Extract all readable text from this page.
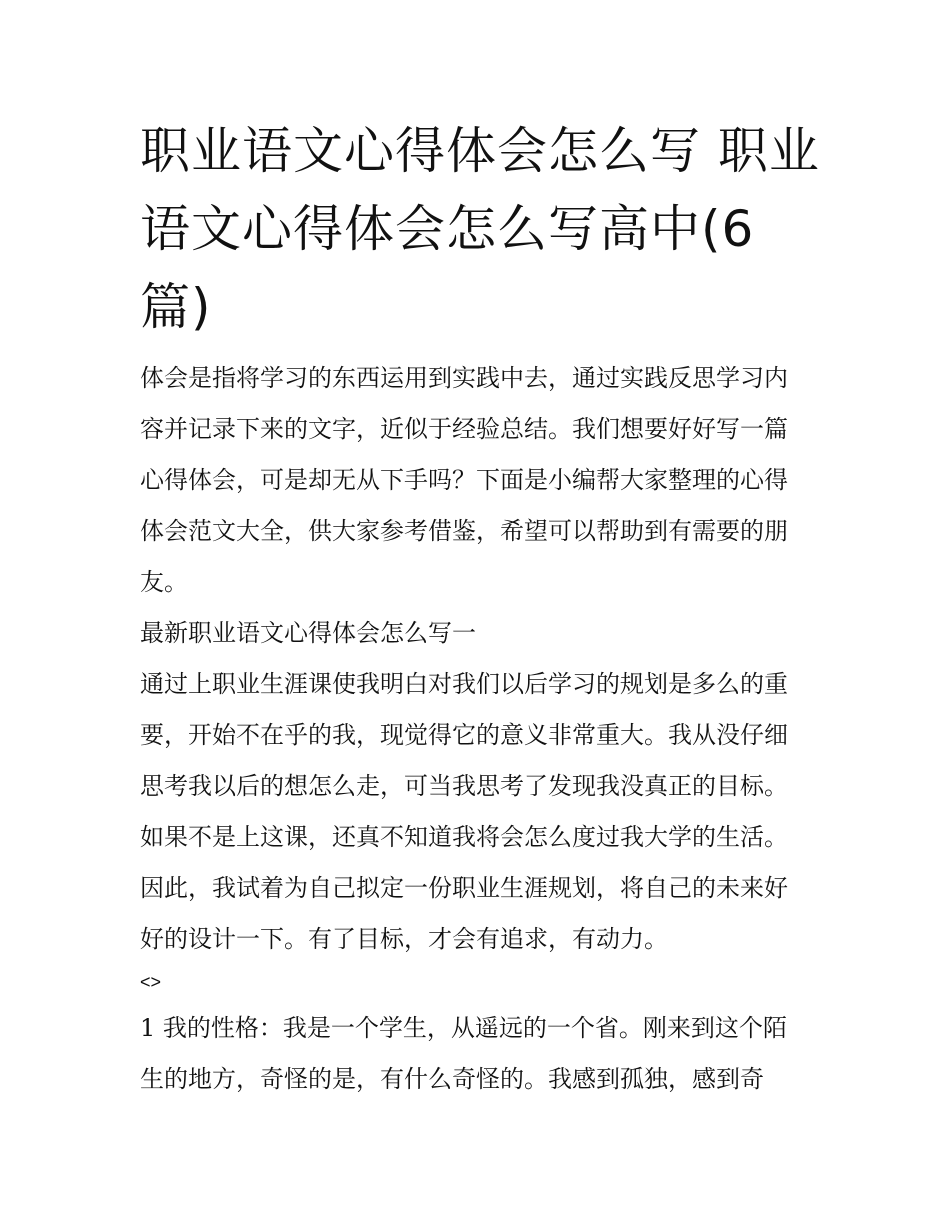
职业语文心得体会怎么写 职业
语文心得体会怎么写高中(6
篇)

体会是指将学习的东西运用到实践中去，通过实践反思学习内
容并记录下来的文字，近似于经验总结。我们想要好好写一篇
心得体会，可是却无从下手吗？下面是小编帮大家整理的心得
体会范文大全，供大家参考借鉴，希望可以帮助到有需要的朋
友。

最新职业语文心得体会怎么写一

通过上职业生涯课使我明白对我们以后学习的规划是多么的重
要，开始不在乎的我，现觉得它的意义非常重大。我从没仔细
思考我以后的想怎么走，可当我思考了发现我没真正的目标。
如果不是上这课，还真不知道我将会怎么度过我大学的生活。
因此，我试着为自己拟定一份职业生涯规划，将自己的未来好
好的设计一下。有了目标，才会有追求，有动力。

<>

1 我的性格：我是一个学生，从遥远的一个省。刚来到这个陌
生的地方，奇怪的是，有什么奇怪的。我感到孤独，感到奇
